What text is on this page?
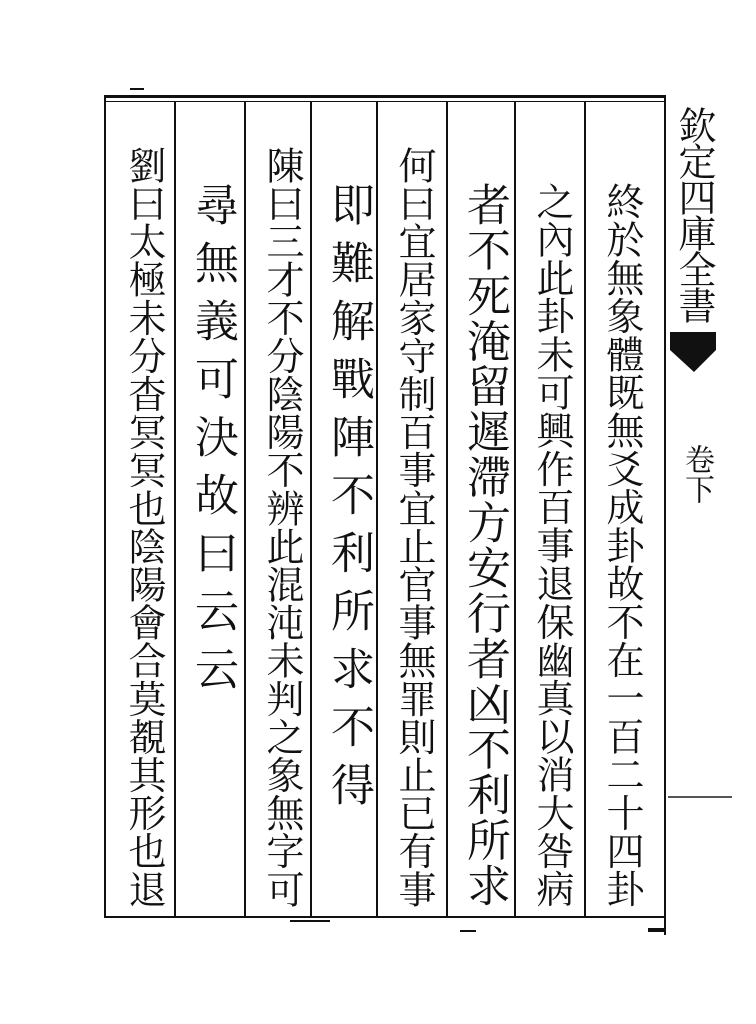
欽定四庫全書
卷下
終於無象體既無爻成卦故不在一百二十四卦
之內此卦未可興作百事退保幽真以消大咎病
者不死淹留遲滯方安行者凶不利所求
何曰宜居家守制百事宜止官事無罪則止已有事
即難解戰陣不利所求不得
陳曰三才不分陰陽不辨此混沌未判之象無字可
尋無義可決故曰云云
劉曰太極未分杳冥冥也陰陽會合莫覩其形也退
